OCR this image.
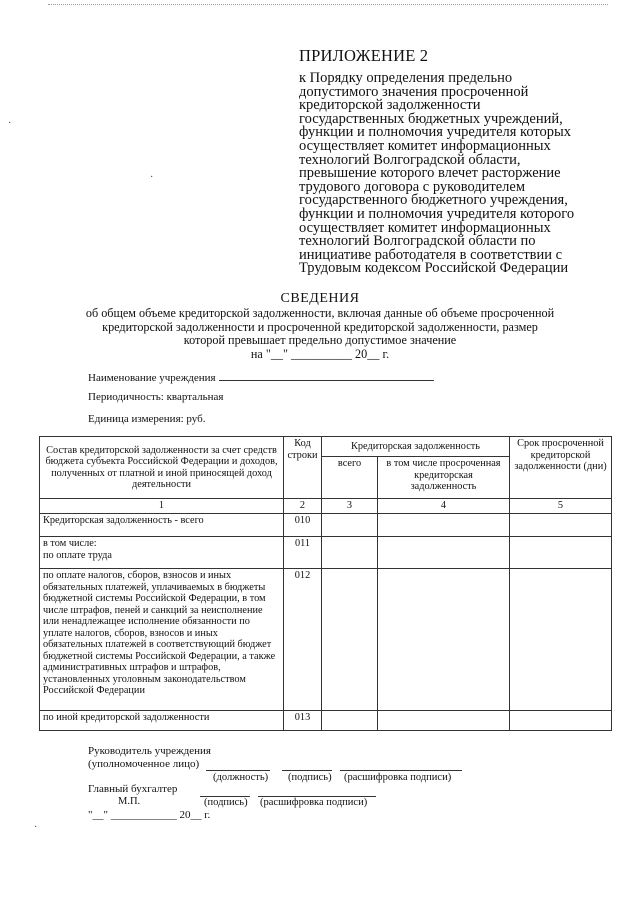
·
·
·
ПРИЛОЖЕНИЕ 2
к Порядку определения предельно
допустимого значения просроченной
кредиторской задолженности
государственных бюджетных учреждений,
функции и полномочия учредителя которых
осуществляет комитет информационных
технологий Волгоградской области,
превышение которого влечет расторжение
трудового договора с руководителем
государственного бюджетного учреждения,
функции и полномочия учредителя которого
осуществляет комитет информационных
технологий Волгоградской области по
инициативе работодателя в соответствии с
Трудовым кодексом Российской Федерации
СВЕДЕНИЯ
об общем объеме кредиторской задолженности, включая данные об объеме просроченной
кредиторской задолженности и просроченной кредиторской задолженности, размер
которой превышает предельно допустимое значение
на "__" __________ 20__ г.
Наименование учреждения
Периодичность: квартальная
Единица измерения: руб.
Состав кредиторской задолженности за счет средств бюджета субъекта Российской Федерации и доходов, полученных от платной и иной приносящей доход деятельности	Код строки	Кредиторская задолженность		Срок просроченной кредиторской задолженности (дни)
		всего	в том числе просроченная кредиторская задолженность	
1	2	3	4	5
Кредиторская задолженность - всего	010			
в том числе:
по оплате труда	011			
по оплате налогов, сборов, взносов и иных обязательных платежей, уплачиваемых в бюджеты бюджетной системы Российской Федерации, в том числе штрафов, пеней и санкций за неисполнение или ненадлежащее исполнение обязанности по уплате налогов, сборов, взносов и иных обязательных платежей в соответствующий бюджет бюджетной системы Российской Федерации, а также административных штрафов и штрафов, установленных уголовным законодательством Российской Федерации	012			
по иной кредиторской задолженности	013			
Руководитель учреждения
(уполномоченное лицо)
(должность) (подпись) (расшифровка подписи)
Главный бухгалтер
М.П.	(подпись) (расшифровка подписи)
"__" ____________ 20__ г.
